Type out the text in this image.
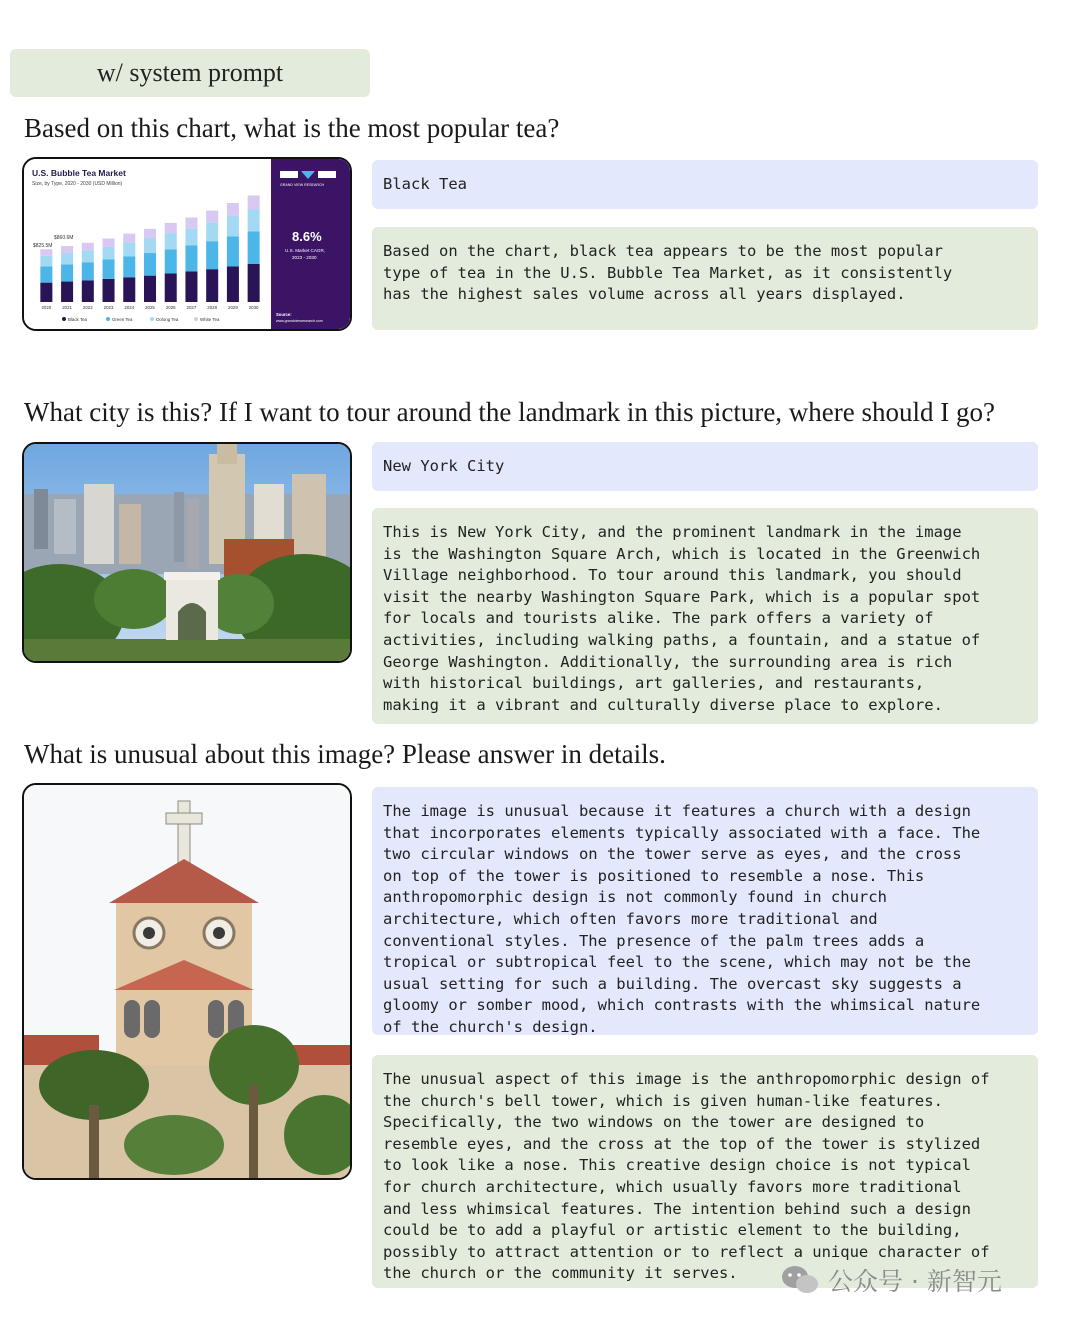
w/ system prompt
Based on this chart, what is the most popular tea?
U.S. Bubble Tea Market
Size, by Type, 2020 - 2030 (USD Million)
$860.6M
$825.5M
GRAND VIEW RESEARCH
8.6%
U.S. Market CAGR,
2023 - 2030
Source:
www.grandviewresearch.com
2020 2021 2022 2023 2024 2025 2026 2027 2028 2029 2030
Black Tea	Green Tea	Oolong Tea	White Tea
Black Tea
Based on the chart, black tea appears to be the most popular
type of tea in the U.S. Bubble Tea Market, as it consistently
has the highest sales volume across all years displayed.
What city is this? If I want to tour around the landmark in this picture, where should I go?
New York City
This is New York City, and the prominent landmark in the image
is the Washington Square Arch, which is located in the Greenwich
Village neighborhood. To tour around this landmark, you should
visit the nearby Washington Square Park, which is a popular spot
for locals and tourists alike. The park offers a variety of
activities, including walking paths, a fountain, and a statue of
George Washington. Additionally, the surrounding area is rich
with historical buildings, art galleries, and restaurants,
making it a vibrant and culturally diverse place to explore.
What is unusual about this image? Please answer in details.
The image is unusual because it features a church with a design
that incorporates elements typically associated with a face. The
two circular windows on the tower serve as eyes, and the cross
on top of the tower is positioned to resemble a nose. This
anthropomorphic design is not commonly found in church
architecture, which often favors more traditional and
conventional styles. The presence of the palm trees adds a
tropical or subtropical feel to the scene, which may not be the
usual setting for such a building. The overcast sky suggests a
gloomy or somber mood, which contrasts with the whimsical nature
of the church's design.
The unusual aspect of this image is the anthropomorphic design of
the church's bell tower, which is given human-like features.
Specifically, the two windows on the tower are designed to
resemble eyes, and the cross at the top of the tower is stylized
to look like a nose. This creative design choice is not typical
for church architecture, which usually favors more traditional
and less whimsical features. The intention behind such a design
could be to add a playful or artistic element to the building,
possibly to attract attention or to reflect a unique character of
the church or the community it serves.	公众号 · 新智元
